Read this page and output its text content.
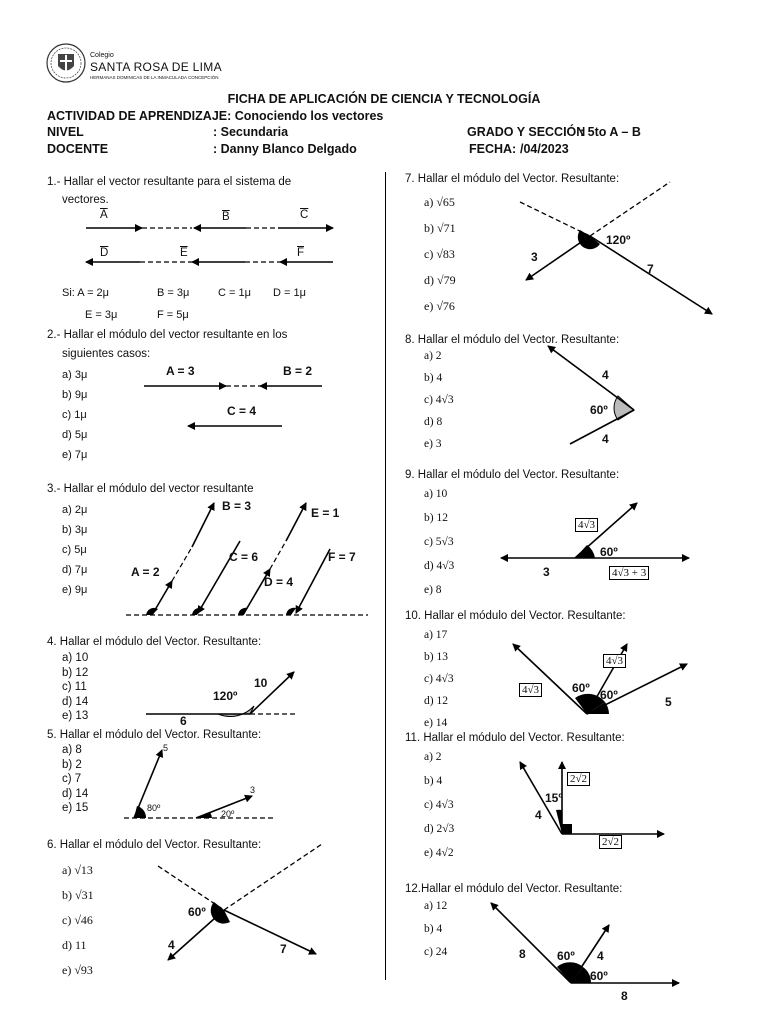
Colegio
SANTA ROSA DE LIMA
HERMANAS DOMINICAS DE LA INMACULADA CONCEPCIÓN
FICHA DE APLICACIÓN DE CIENCIA Y TECNOLOGÍA
ACTIVIDAD DE APRENDIZAJE: Conociendo los vectores
NIVEL	: Secundaria	GRADO Y SECCIÓN
: 5to A – B
DOCENTE	: Danny Blanco Delgado	FECHA: /04/2023
1.- Hallar el vector resultante para el sistema de
vectores.
$\overline{A}$	$\overline{B}$	$\overline{C}$
$\overline{D}$	$\overline{E}$	$\overline{F}$
Si: A = 2μ	B = 3μ	C = 1μ D = 1μ
E = 3μ	F = 5μ
2.- Hallar el módulo del vector resultante en los
siguientes casos:
a) 3μ
b) 9μ
c) 1μ
d) 5μ
e) 7μ
A = 3	B = 2
C = 4
3.- Hallar el módulo del vector resultante
a) 2μ
b) 3μ
c) 5μ
d) 7μ
e) 9μ
A = 2
B = 3
C = 6
D = 4
E = 1
F = 7
4. Hallar el módulo del Vector. Resultante:
a) 10
b) 12
c) 11
d) 14
e) 13
120º
10
6
5. Hallar el módulo del Vector. Resultante:
a) 8
b) 2
c) 7
d) 14
e) 15
5
3
80º
20º
6. Hallar el módulo del Vector. Resultante:
a) √13
b) √31
c) √46
d) 11
e) √93
60º
4	7
7. Hallar el módulo del Vector. Resultante:
a) √65
b) √71
c) √83
d) √79
e) √76
120º
3
7
8. Hallar el módulo del Vector. Resultante:
a) 2
b) 4
c) 4√3
d) 8
e) 3
60º
4
4
9. Hallar el módulo del Vector. Resultante:
a) 10
b) 12
c) 5√3
d) 4√3
e) 8
4√3
60º
3	4√3 + 3
10. Hallar el módulo del Vector. Resultante:
a) 17
b) 13
c) 4√3
d) 12
e) 14
4√3
4√3	60º 60º	5
11. Hallar el módulo del Vector. Resultante:
a) 2
b) 4
c) 4√3
d) 2√3
e) 4√2
2√2
15º
4
2√2
12.Hallar el módulo del Vector. Resultante:
a) 12
b) 4
c) 24	8	60º 4
60º
8
